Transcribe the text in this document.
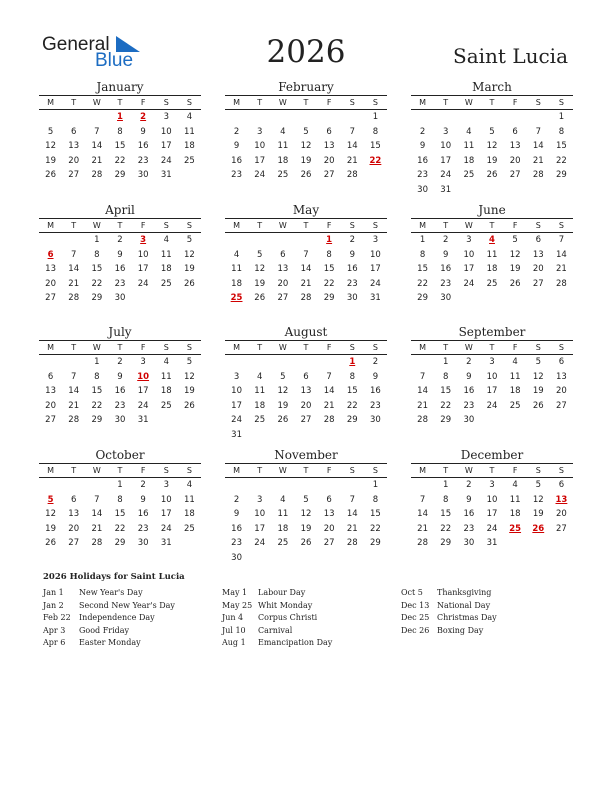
General
Blue	2026	Saint Lucia
January
M	T	W	T	F	S	S
			1	2	3	4
5	6	7	8	9	10	11
12	13	14	15	16	17	18
19	20	21	22	23	24	25
26	27	28	29	30	31	
February
M	T	W	T	F	S	S
						1
2	3	4	5	6	7	8
9	10	11	12	13	14	15
16	17	18	19	20	21	22
23	24	25	26	27	28	
March
M	T	W	T	F	S	S
						1
2	3	4	5	6	7	8
9	10	11	12	13	14	15
16	17	18	19	20	21	22
23	24	25	26	27	28	29
30	31					
April
M	T	W	T	F	S	S
		1	2	3	4	5
6	7	8	9	10	11	12
13	14	15	16	17	18	19
20	21	22	23	24	25	26
27	28	29	30			
May
M	T	W	T	F	S	S
				1	2	3
4	5	6	7	8	9	10
11	12	13	14	15	16	17
18	19	20	21	22	23	24
25	26	27	28	29	30	31
June
M	T	W	T	F	S	S
1	2	3	4	5	6	7
8	9	10	11	12	13	14
15	16	17	18	19	20	21
22	23	24	25	26	27	28
29	30					
July
M	T	W	T	F	S	S
		1	2	3	4	5
6	7	8	9	10	11	12
13	14	15	16	17	18	19
20	21	22	23	24	25	26
27	28	29	30	31		
August
M	T	W	T	F	S	S
					1	2
3	4	5	6	7	8	9
10	11	12	13	14	15	16
17	18	19	20	21	22	23
24	25	26	27	28	29	30
31						
September
M	T	W	T	F	S	S
	1	2	3	4	5	6
7	8	9	10	11	12	13
14	15	16	17	18	19	20
21	22	23	24	25	26	27
28	29	30				
October
M	T	W	T	F	S	S
			1	2	3	4
5	6	7	8	9	10	11
12	13	14	15	16	17	18
19	20	21	22	23	24	25
26	27	28	29	30	31	
November
M	T	W	T	F	S	S
						1
2	3	4	5	6	7	8
9	10	11	12	13	14	15
16	17	18	19	20	21	22
23	24	25	26	27	28	29
30						
December
M	T	W	T	F	S	S
	1	2	3	4	5	6
7	8	9	10	11	12	13
14	15	16	17	18	19	20
21	22	23	24	25	26	27
28	29	30	31			
2026 Holidays for Saint Lucia
Jan 1 New Year's Day
Jan 2 Second New Year's Day
Feb 22 Independence Day
Apr 3 Good Friday
Apr 6 Easter Monday
May 1 Labour Day
May 25 Whit Monday
Jun 4 Corpus Christi
Jul 10 Carnival
Aug 1 Emancipation Day
Oct 5 Thanksgiving
Dec 13 National Day
Dec 25 Christmas Day
Dec 26 Boxing Day
